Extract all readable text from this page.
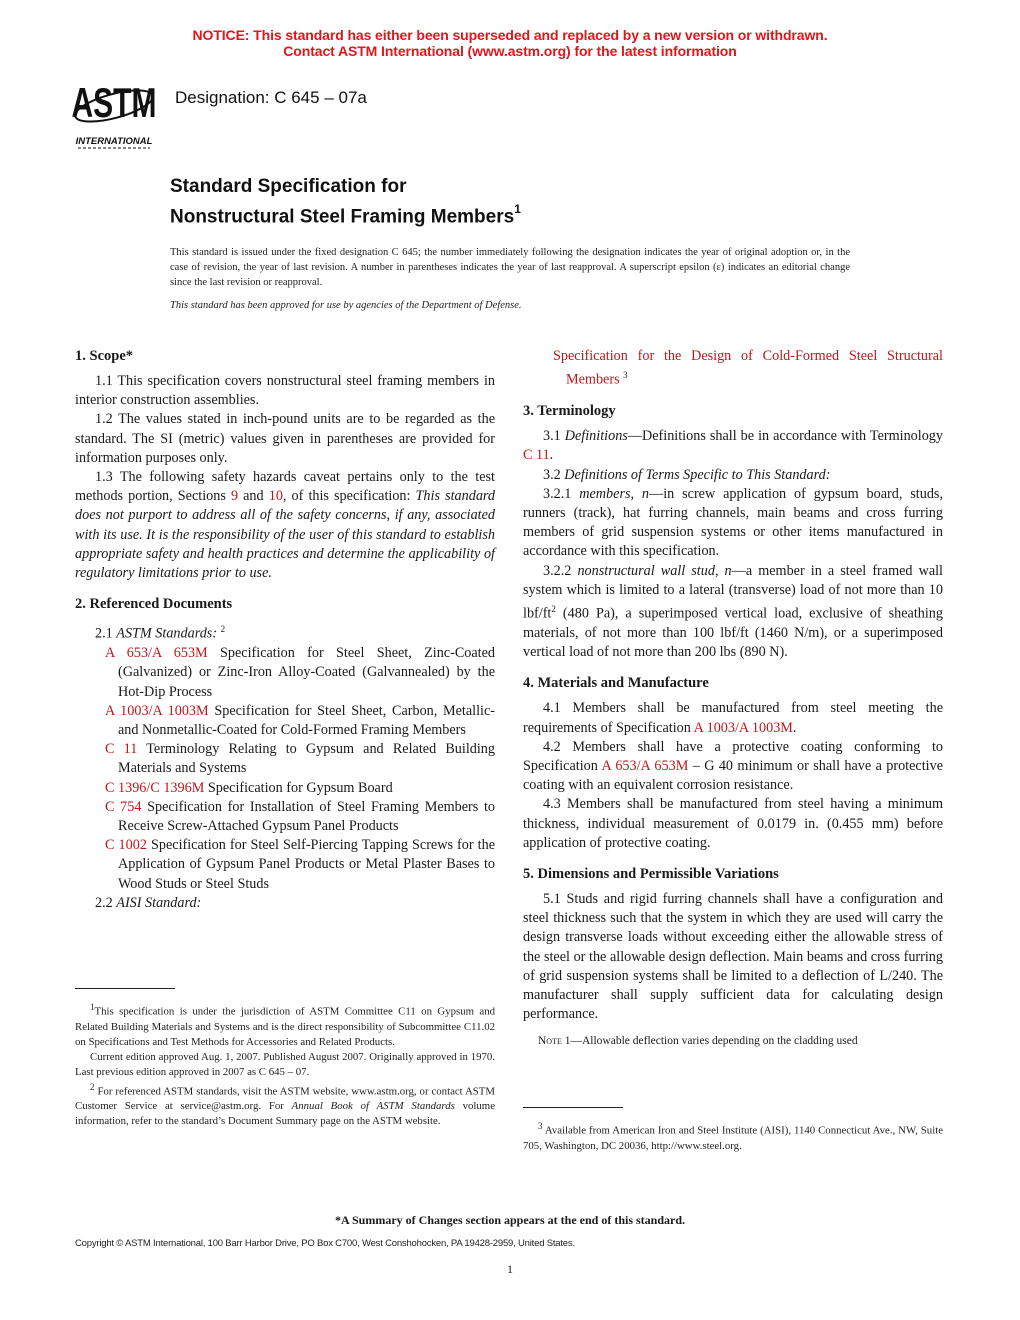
NOTICE: This standard has either been superseded and replaced by a new version or withdrawn.
Contact ASTM International (www.astm.org) for the latest information
ASTM
INTERNATIONAL
Designation: C 645 – 07a
Standard Specification for
Nonstructural Steel Framing Members$^1$
This standard is issued under the fixed designation C 645; the number immediately following the designation indicates the year of original adoption or, in the case of revision, the year of last revision. A number in parentheses indicates the year of last reapproval. A superscript epsilon (ε) indicates an editorial change since the last revision or reapproval.
This standard has been approved for use by agencies of the Department of Defense.
1. Scope*

1.1 This specification covers nonstructural steel framing members in interior construction assemblies.

1.2 The values stated in inch-pound units are to be regarded as the standard. The SI (metric) values given in parentheses are provided for information purposes only.

1.3 The following safety hazards caveat pertains only to the test methods portion, Sections 9 and 10, of this specification: This standard does not purport to address all of the safety concerns, if any, associated with its use. It is the responsibility of the user of this standard to establish appropriate safety and health practices and determine the applicability of regulatory limitations prior to use.

2. Referenced Documents

2.1 ASTM Standards: $^2$

A 653/A 653M Specification for Steel Sheet, Zinc-Coated (Galvanized) or Zinc-Iron Alloy-Coated (Galvannealed) by the Hot-Dip Process

A 1003/A 1003M Specification for Steel Sheet, Carbon, Metallic- and Nonmetallic-Coated for Cold-Formed Framing Members

C 11 Terminology Relating to Gypsum and Related Building Materials and Systems

C 1396/C 1396M Specification for Gypsum Board

C 754 Specification for Installation of Steel Framing Members to Receive Screw-Attached Gypsum Panel Products

C 1002 Specification for Steel Self-Piercing Tapping Screws for the Application of Gypsum Panel Products or Metal Plaster Bases to Wood Studs or Steel Studs

2.2 AISI Standard:

$^1$This specification is under the jurisdiction of ASTM Committee C11 on Gypsum and Related Building Materials and Systems and is the direct responsibility of Subcommittee C11.02 on Specifications and Test Methods for Accessories and Related Products.

Current edition approved Aug. 1, 2007. Published August 2007. Originally approved in 1970. Last previous edition approved in 2007 as C 645 – 07.

$^2$ For referenced ASTM standards, visit the ASTM website, www.astm.org, or contact ASTM Customer Service at service@astm.org. For Annual Book of ASTM Standards volume information, refer to the standard’s Document Summary page on the ASTM website.

Specification for the Design of Cold-Formed Steel Structural Members $^3$

3. Terminology

3.1 Definitions—Definitions shall be in accordance with Terminology C 11.

3.2 Definitions of Terms Specific to This Standard:

3.2.1 members, n—in screw application of gypsum board, studs, runners (track), hat furring channels, main beams and cross furring members of grid suspension systems or other items manufactured in accordance with this specification.

3.2.2 nonstructural wall stud, n—a member in a steel framed wall system which is limited to a lateral (transverse) load of not more than 10 lbf/$ft^2$ (480 Pa), a superimposed vertical load, exclusive of sheathing materials, of not more than 100 lbf/ft (1460 N/m), or a superimposed vertical load of not more than 200 lbs (890 N).

4. Materials and Manufacture

4.1 Members shall be manufactured from steel meeting the requirements of Specification A 1003/A 1003M.

4.2 Members shall have a protective coating conforming to Specification A 653/A 653M – G 40 minimum or shall have a protective coating with an equivalent corrosion resistance.

4.3 Members shall be manufactured from steel having a minimum thickness, individual measurement of 0.0179 in. (0.455 mm) before application of protective coating.

5. Dimensions and Permissible Variations

5.1 Studs and rigid furring channels shall have a configuration and steel thickness such that the system in which they are used will carry the design transverse loads without exceeding either the allowable stress of the steel or the allowable design deflection. Main beams and cross furring of grid suspension systems shall be limited to a deflection of L/240. The manufacturer shall supply sufficient data for calculating design performance.

Note 1—Allowable deflection varies depending on the cladding used

$^3$ Available from American Iron and Steel Institute (AISI), 1140 Connecticut Ave., NW, Suite 705, Washington, DC 20036, http://www.steel.org.

*A Summary of Changes section appears at the end of this standard.
Copyright © ASTM International, 100 Barr Harbor Drive, PO Box C700, West Conshohocken, PA 19428-2959, United States.
1
